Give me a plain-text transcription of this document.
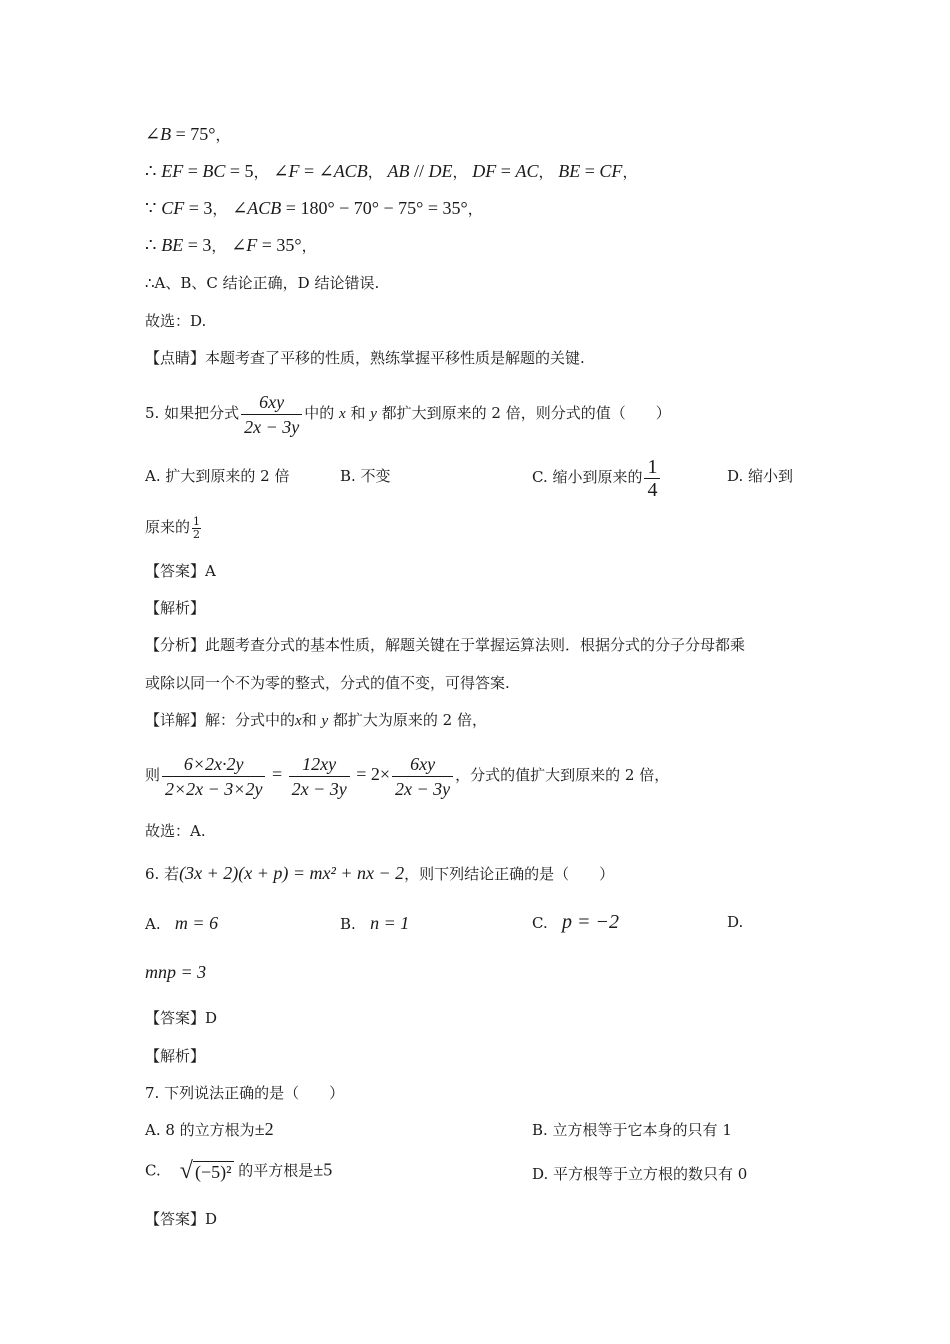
∠B = 75°，
∴ EF = BC = 5， ∠F = ∠ACB， AB // DE， DF = AC， BE = CF，
∵ CF = 3， ∠ACB = 180° − 70° − 75° = 35°，
∴ BE = 3， ∠F = 35°，
∴A、B、C 结论正确，D 结论错误.
故选：D.
【点睛】本题考查了平移的性质，熟练掌握平移性质是解题的关键.
5. 如果把分式 $\frac{6xy}{2x - 3y}$ 中的 x 和 y 都扩大到原来的 2 倍，则分式的值（　　）
A. 扩大到原来的 2 倍	B. 不变	C. 缩小到原来的 $\frac{1}{4}$	D. 缩小到
原来的 $\frac{1}{2}$
【答案】A
【解析】
【分析】此题考查分式的基本性质，解题关键在于掌握运算法则．根据分式的分子分母都乘
或除以同一个不为零的整式，分式的值不变，可得答案.
【详解】解：分式中的x和 y 都扩大为原来的 2 倍，
则 $\frac{6\times 2x\cdot 2y}{2\times 2x - 3\times 2y} = \frac{12xy}{2x - 3y} = 2\times \frac{6xy}{2x - 3y}$ ，分式的值扩大到原来的 2 倍，
故选：A.
6. 若(3x + 2)(x + p) = mx² + nx − 2，则下列结论正确的是（　　）
A. m = 6	B. n = 1	C. p = −2	D.
mnp = 3
【答案】D
【解析】
7. 下列说法正确的是（　　）
A. 8 的立方根为±2	B. 立方根等于它本身的只有 1
C. √ (−5)² 的平方根是±5	D. 平方根等于立方根的数只有 0
【答案】D
